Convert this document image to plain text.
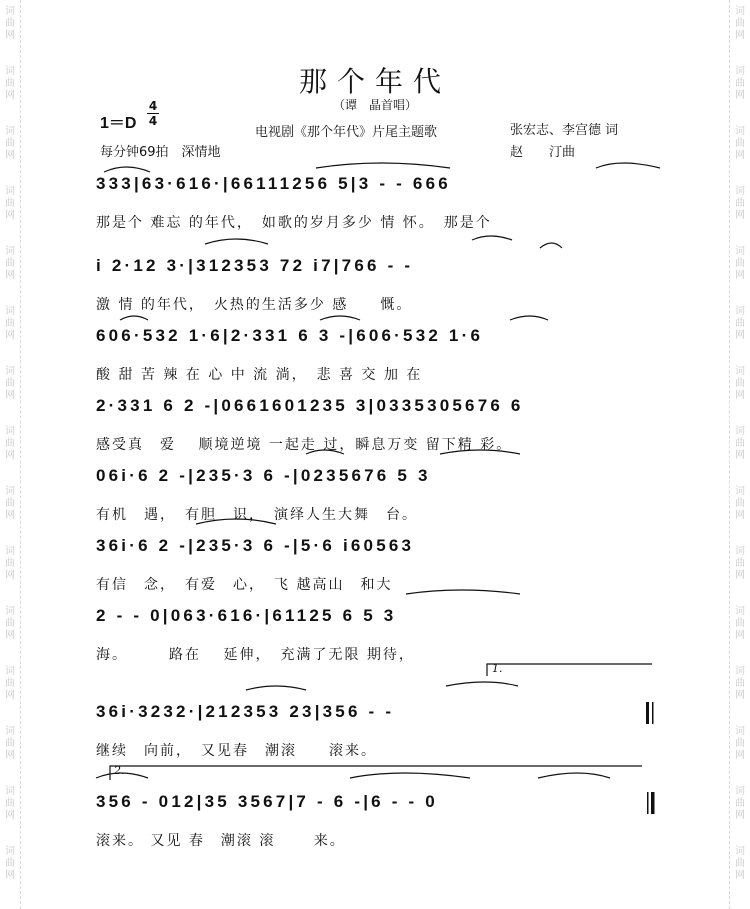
词
曲
网
词
曲
网
词
曲
网
词
曲
网
词
曲
网
词
曲
网
词
曲
网
词
曲
网
词
曲
网
词
曲
网
词
曲
网
词
曲
网
词
曲
网
词
曲
网
词
曲
网
词
曲
网
词
曲
网
词
曲
网
词
曲
网
词
曲
网
词
曲
网
词
曲
网
词
曲
网
词
曲
网
词
曲
网
词
曲
网
词
曲
网
词
曲
网
词
曲
网
词
曲
网
那个年代
（谭　晶首唱）
1＝D
4
4
电视剧《那个年代》片尾主题歌	张宏志、李宫德 词
赵　　汀曲
每分钟69拍　深情地
333|63·616·|66111256 5|3 - - 666
那是个 难忘 的年代，　如歌的岁月多少 情 怀。　那是个
i 2·12 3·|312353 72 i7|766 - -
激 情 的年代，　火热的生活多少 感　　慨。
606·532 1·6|2·331 6 3 -|606·532 1·6
酸 甜 苦 辣 在 心 中 流 淌，　悲 喜 交 加 在
2·331 6 2 -|0661601235 3|0335305676 6
感受真　爱　 顺境逆境 一起走 过，瞬息万变 留下精 彩。
06i·6 2 -|235·3 6 -|0235676 5 3
有机　遇，　有胆　识，　演绎人生大舞　台。
36i·6 2 -|235·3 6 -|5·6 i60563
有信　念，　有爱　心，　飞 越高山　和大
2 - - 0|063·616·|61125 6 5 3
海。　　　路在　 延伸，　充满了无限 期待，
36i·3232·|212353 23|356 - -
继续　向前，　又见春　潮滚　　滚来。
356 - 012|35 3567|7 - 6 -|6 - - 0
滚来。 又见 春　潮滚 滚　　 来。
1.
2.
